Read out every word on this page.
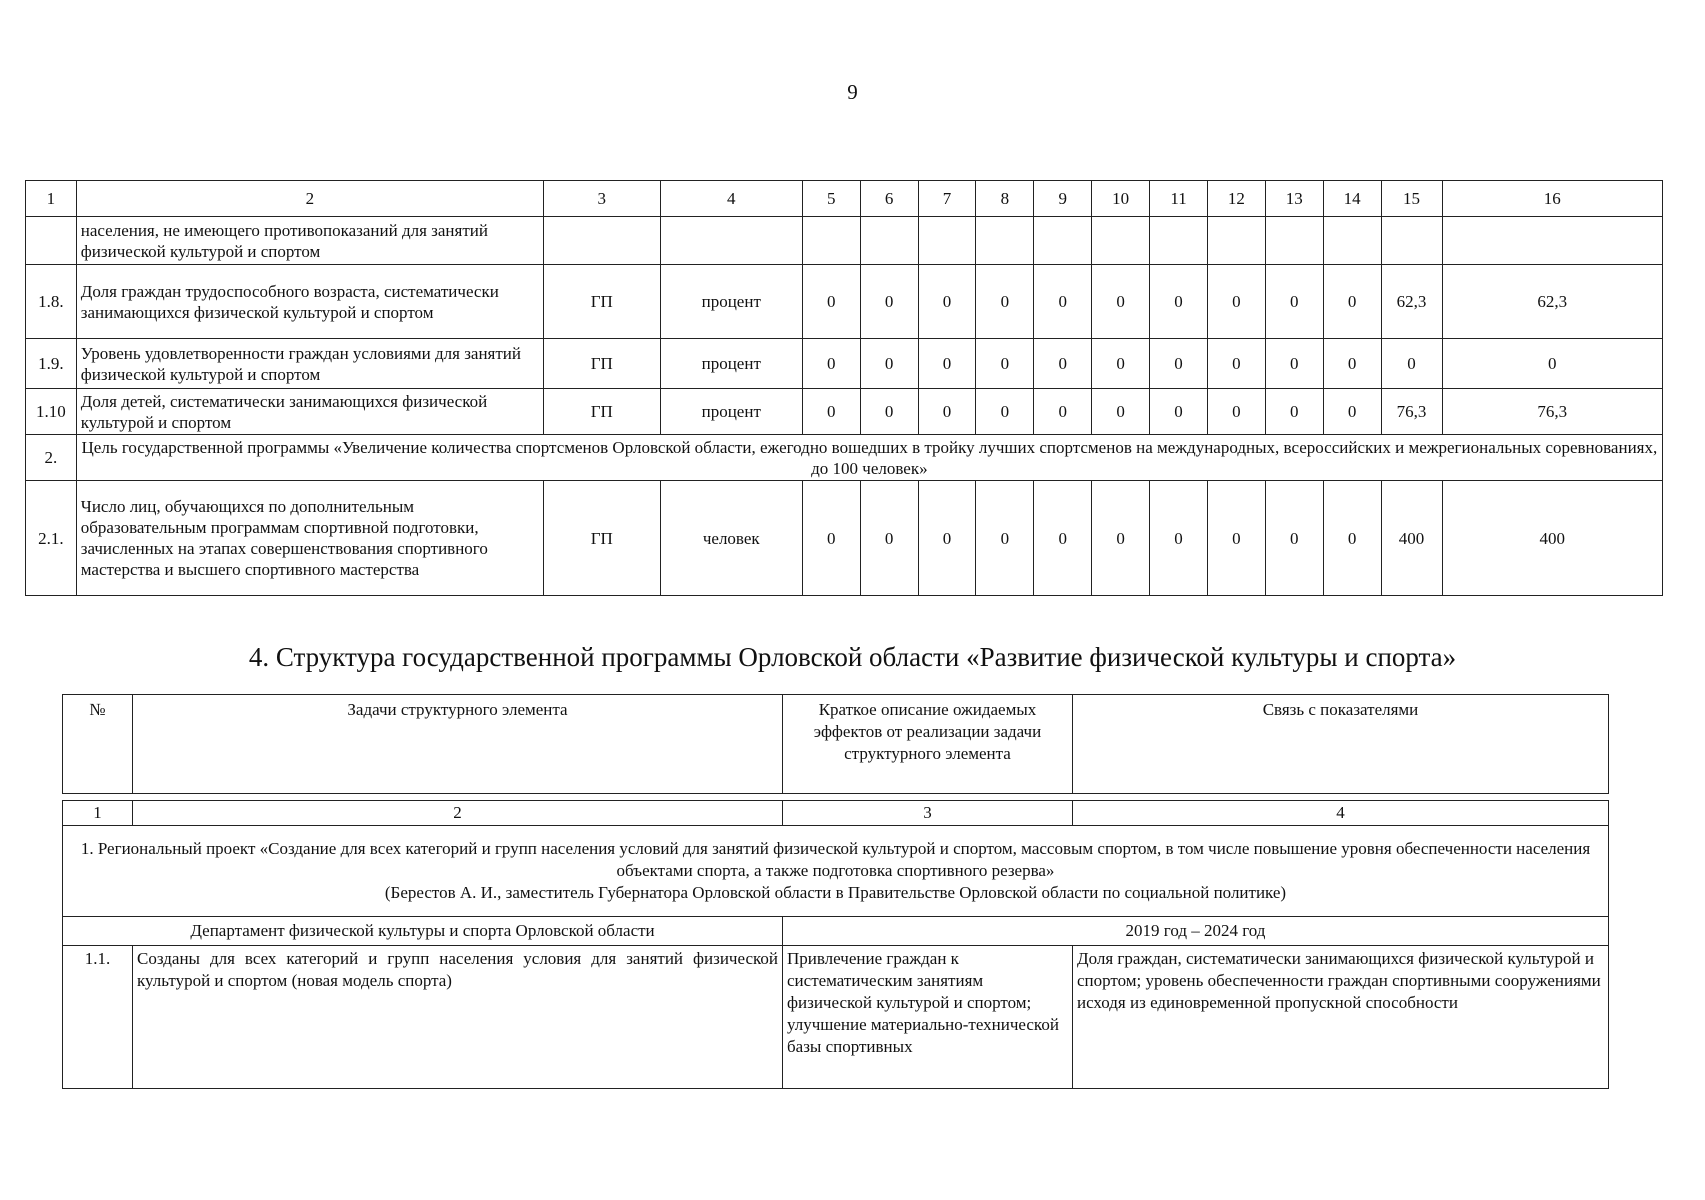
9
1	2	3	4	5	6	7	8	9	10	11	12	13	14	15	16
	населения, не имеющего противопоказаний для занятий физической культурой и спортом														
1.8.	Доля граждан трудоспособного возраста, систематически занимающихся физической культурой и спортом	ГП	процент	0	0	0	0	0	0	0	0	0	0	62,3	62,3
1.9.	Уровень удовлетворенности граждан условиями для занятий физической культурой и спортом	ГП	процент	0	0	0	0	0	0	0	0	0	0	0	0
1.10	Доля детей, систематически занимающихся физической культурой и спортом	ГП	процент	0	0	0	0	0	0	0	0	0	0	76,3	76,3
2.	Цель государственной программы «Увеличение количества спортсменов Орловской области, ежегодно вошедших в тройку лучших спортсменов на международных, всероссийских и межрегиональных соревнованиях, до 100 человек»														
2.1.	Число лиц, обучающихся по дополнительным образовательным программам спортивной подготовки, зачисленных на этапах совершенствования спортивного мастерства и высшего спортивного мастерства	ГП	человек	0	0	0	0	0	0	0	0	0	0	400	400
4. Структура государственной программы Орловской области «Развитие физической культуры и спорта»
№	Задачи структурного элемента	Краткое описание ожидаемых эффектов от реализации задачи структурного элемента	Связь с показателями

1	2	3	4

1. Региональный проект «Создание для всех категорий и групп населения условий для занятий физической культурой и спортом, массовым спортом, в том числе повышение уровня обеспеченности населения объектами спорта, а также подготовка спортивного резерва»
(Берестов А. И., заместитель Губернатора Орловской области в Правительстве Орловской области по социальной политике)			

Департамент физической культуры и спорта Орловской области		2019 год – 2024 год	
1.1.	Созданы для всех категорий и групп населения условия для занятий физической культурой и спортом (новая модель спорта)	Привлечение граждан к систематическим занятиям физической культурой и спортом; улучшение материально-технической базы спортивных	Доля граждан, систематически занимающихся физической культурой и спортом; уровень обеспеченности граждан спортивными сооружениями исходя из единовременной пропускной способности
